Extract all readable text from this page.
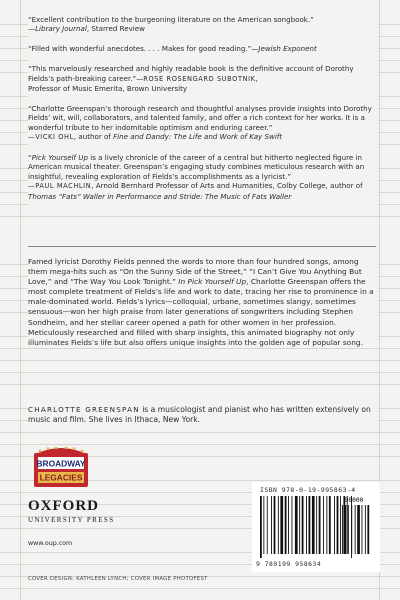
“Excellent contribution to the burgeoning literature on the American songbook.”

—Library Journal, Starred Review

“Filled with wonderful anecdotes. . . . Makes for good reading.”—Jewish Exponent

“This marvelously researched and highly readable book is the definitive account of Dorothy Fields’s path-breaking career.”—ROSE ROSENGARD SUBOTNIK,

Professor of Music Emerita, Brown University

“Charlotte Greenspan’s thorough research and thoughtful analyses provide insights into Dorothy Fields’ wit, will, collaborators, and talented family, and offer a rich context for her works. It is a wonderful tribute to her indomitable optimism and enduring career.”

—VICKI OHL, author of Fine and Dandy: The Life and Work of Kay Swift

“Pick Yourself Up is a lively chronicle of the career of a central but hitherto neglected figure in American musical theater. Greenspan’s engaging study combines meticulous research with an insightful, revealing exploration of Fields’s accomplishments as a lyricist.”

—PAUL MACHLIN, Arnold Bernhard Professor of Arts and Humanities, Colby College, author of Thomas “Fats” Waller in Performance and Stride: The Music of Fats Waller

Famed lyricist Dorothy Fields penned the words to more than four hundred songs, among them mega-hits such as “On the Sunny Side of the Street,” “I Can’t Give You Anything But Love,” and “The Way You Look Tonight.” In Pick Yourself Up, Charlotte Greenspan offers the most complete treatment of Fields’s life and work to date, tracing her rise to prominence in a male-dominated world. Fields’s lyrics—colloquial, urbane, sometimes slangy, sometimes sensuous—won her high praise from later generations of songwriters including Stephen Sondheim, and her stellar career opened a path for other women in her profession. Meticulously researched and filled with sharp insights, this animated biography not only illuminates Fields’s life but also offers unique insights into the golden age of popular song.
CHARLOTTE GREENSPAN is a musicologist and pianist who has written extensively on music and film. She lives in Ithaca, New York.
BROADWAY
LEGACIES
OXFORD
UNIVERSITY PRESS
www.oup.com
COVER DESIGN: KATHLEEN LYNCH; COVER IMAGE PHOTOFEST
ISBN 978-0-19-995863-4
90000
9 780199 958634
